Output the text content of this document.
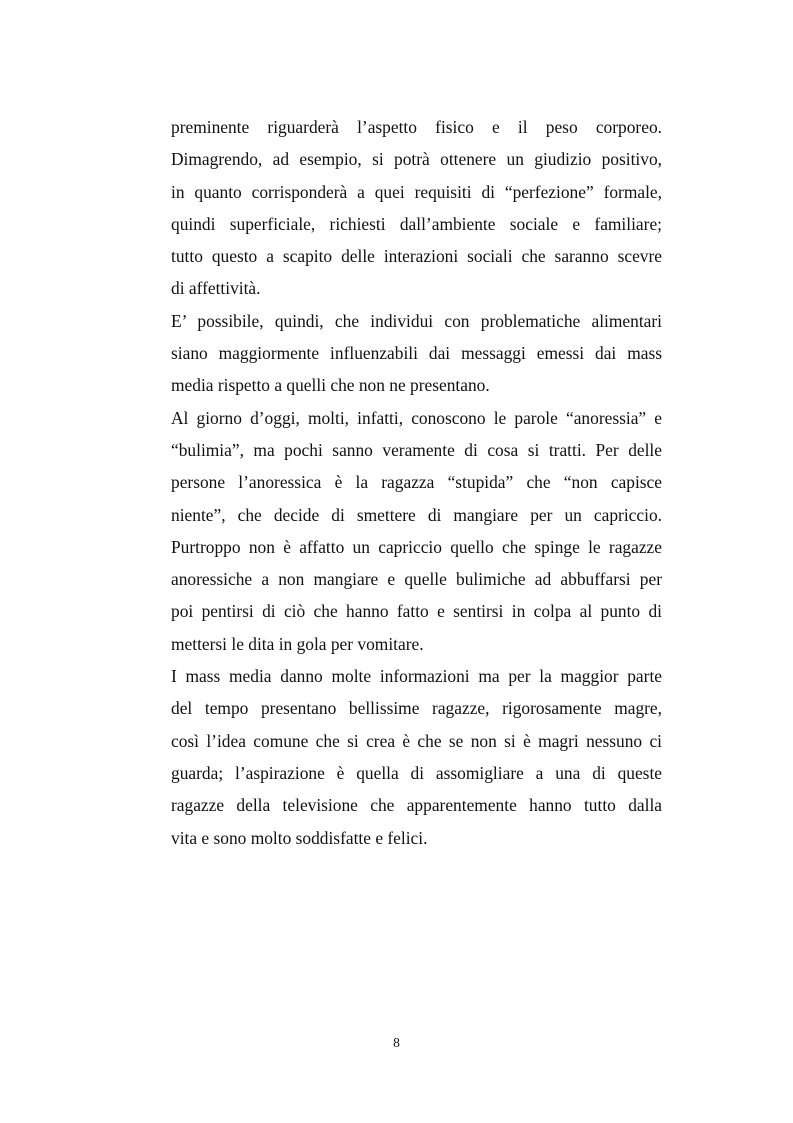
preminente riguarderà l’aspetto fisico e il peso corporeo.
Dimagrendo, ad esempio, si potrà ottenere un giudizio positivo,
in quanto corrisponderà a quei requisiti di “perfezione” formale,
quindi superficiale, richiesti dall’ambiente sociale e familiare;
tutto questo a scapito delle interazioni sociali che saranno scevre
di affettività.
E’ possibile, quindi, che individui con problematiche alimentari
siano maggiormente influenzabili dai messaggi emessi dai mass
media rispetto a quelli che non ne presentano.
Al giorno d’oggi, molti, infatti, conoscono le parole “anoressia” e
“bulimia”, ma pochi sanno veramente di cosa si tratti. Per delle
persone l’anoressica è la ragazza “stupida” che “non capisce
niente”, che decide di smettere di mangiare per un capriccio.
Purtroppo non è affatto un capriccio quello che spinge le ragazze
anoressiche a non mangiare e quelle bulimiche ad abbuffarsi per
poi pentirsi di ciò che hanno fatto e sentirsi in colpa al punto di
mettersi le dita in gola per vomitare.
I mass media danno molte informazioni ma per la maggior parte
del tempo presentano bellissime ragazze, rigorosamente magre,
così l’idea comune che si crea è che se non si è magri nessuno ci
guarda; l’aspirazione è quella di assomigliare a una di queste
ragazze della televisione che apparentemente hanno tutto dalla
vita e sono molto soddisfatte e felici.
8
